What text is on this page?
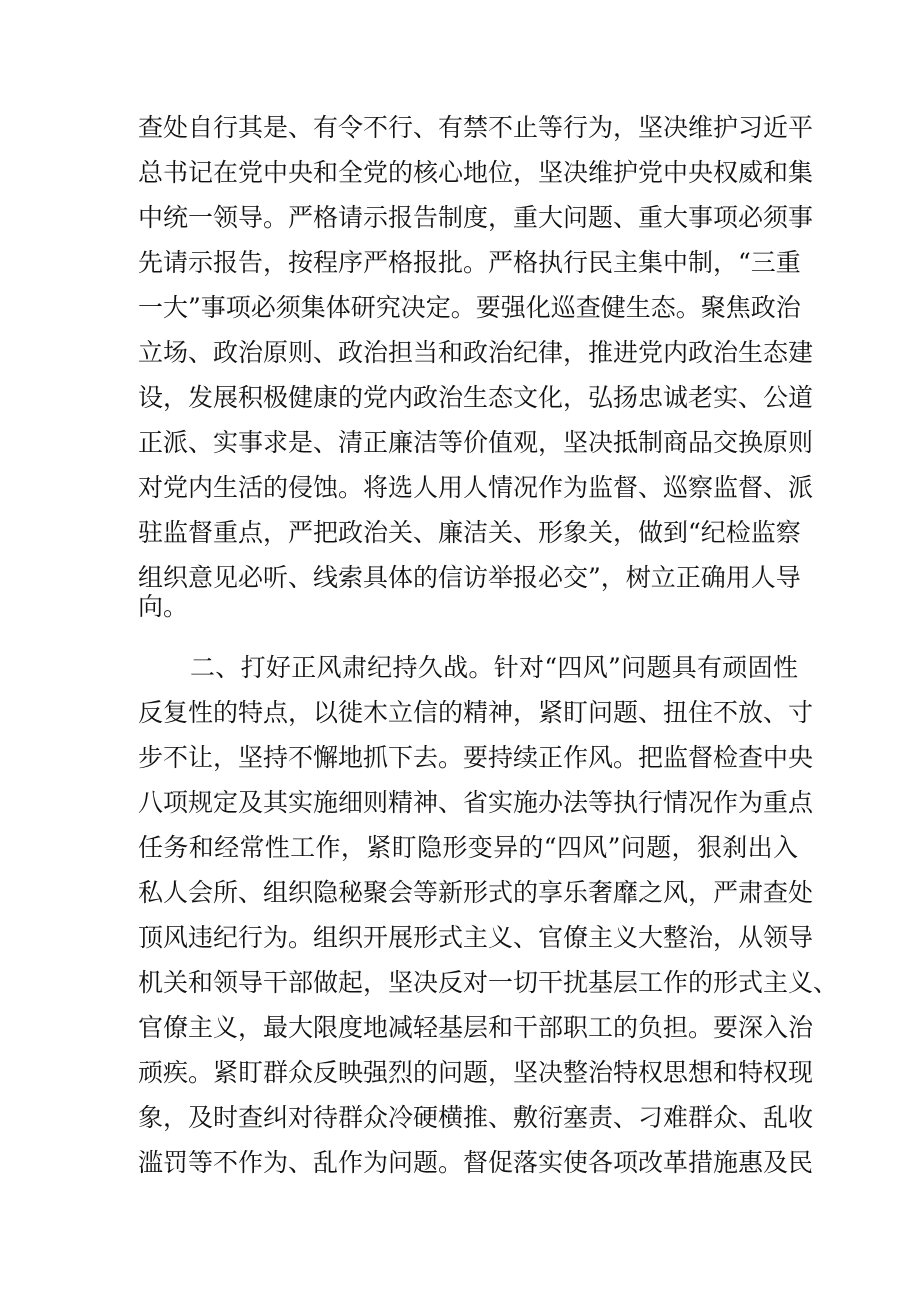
查处自行其是、有令不行、有禁不止等行为，坚决维护习近平
总书记在党中央和全党的核心地位，坚决维护党中央权威和集
中统一领导。严格请示报告制度，重大问题、重大事项必须事
先请示报告，按程序严格报批。严格执行民主集中制，“三重
一大”事项必须集体研究决定。要强化巡查健生态。聚焦政治
立场、政治原则、政治担当和政治纪律，推进党内政治生态建
设，发展积极健康的党内政治生态文化，弘扬忠诚老实、公道
正派、实事求是、清正廉洁等价值观，坚决抵制商品交换原则
对党内生活的侵蚀。将选人用人情况作为监督、巡察监督、派
驻监督重点，严把政治关、廉洁关、形象关，做到“纪检监察
组织意见必听、线索具体的信访举报必交”，树立正确用人导
向。
二、打好正风肃纪持久战。针对“四风”问题具有顽固性
反复性的特点，以徙木立信的精神，紧盯问题、扭住不放、寸
步不让，坚持不懈地抓下去。要持续正作风。把监督检查中央
八项规定及其实施细则精神、省实施办法等执行情况作为重点
任务和经常性工作，紧盯隐形变异的“四风”问题，狠刹出入
私人会所、组织隐秘聚会等新形式的享乐奢靡之风，严肃查处
顶风违纪行为。组织开展形式主义、官僚主义大整治，从领导
机关和领导干部做起，坚决反对一切干扰基层工作的形式主义、
官僚主义，最大限度地减轻基层和干部职工的负担。要深入治
顽疾。紧盯群众反映强烈的问题，坚决整治特权思想和特权现
象，及时查纠对待群众冷硬横推、敷衍塞责、刁难群众、乱收
滥罚等不作为、乱作为问题。督促落实使各项改革措施惠及民
